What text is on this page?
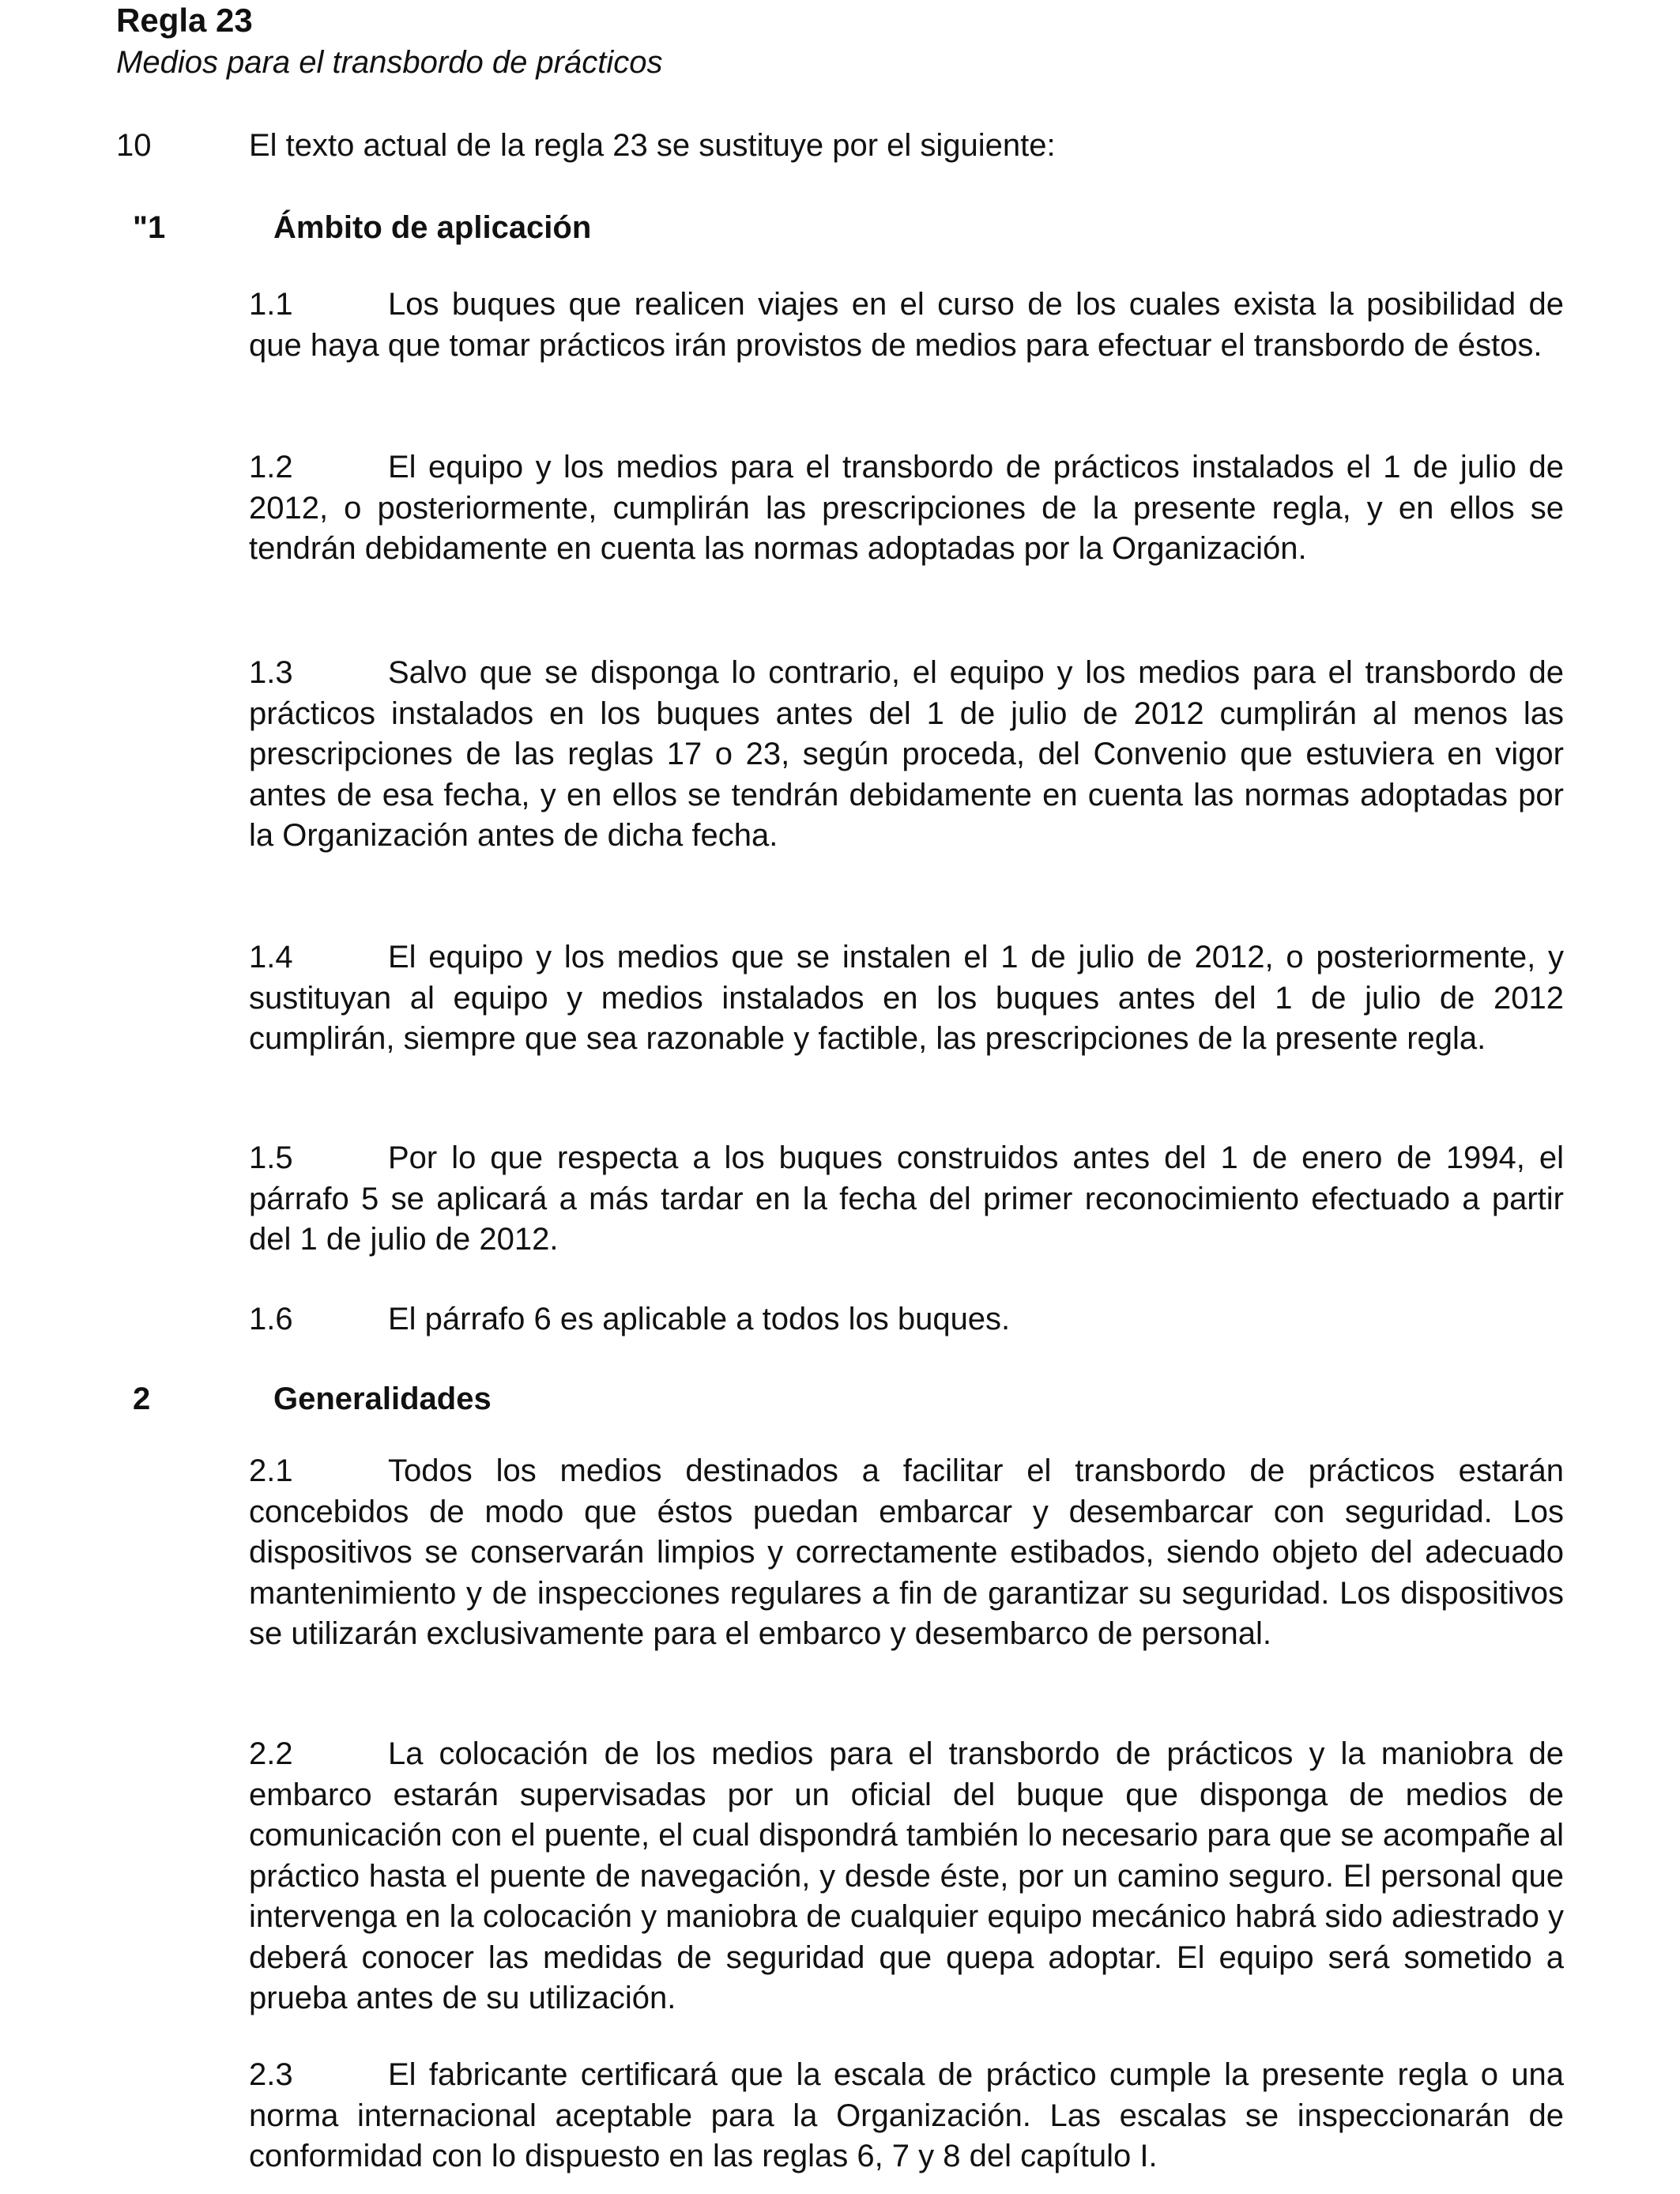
Regla 23

Medios para el transbordo de prácticos

10	El texto actual de la regla 23 se sustituye por el siguiente:
"1	Ámbito de aplicación

1.1	Los buques que realicen viajes en el curso de los cuales exista la posibilidad de que haya que tomar prácticos irán provistos de medios para efectuar el transbordo de éstos.

1.2	El equipo y los medios para el transbordo de prácticos instalados el 1 de julio de 2012, o posteriormente, cumplirán las prescripciones de la presente regla, y en ellos se tendrán debidamente en cuenta las normas adoptadas por la Organización.

1.3	Salvo que se disponga lo contrario, el equipo y los medios para el transbordo de prácticos instalados en los buques antes del 1 de julio de 2012 cumplirán al menos las prescripciones de las reglas 17 o 23, según proceda, del Convenio que estuviera en vigor antes de esa fecha, y en ellos se tendrán debidamente en cuenta las normas adoptadas por la Organización antes de dicha fecha.

1.4	El equipo y los medios que se instalen el 1 de julio de 2012, o posteriormente, y sustituyan al equipo y medios instalados en los buques antes del 1 de julio de 2012 cumplirán, siempre que sea razonable y factible, las prescripciones de la presente regla.

1.5	Por lo que respecta a los buques construidos antes del 1 de enero de 1994, el párrafo 5 se aplicará a más tardar en la fecha del primer reconocimiento efectuado a partir del 1 de julio de 2012.

1.6	El párrafo 6 es aplicable a todos los buques.

2	Generalidades

2.1	Todos los medios destinados a facilitar el transbordo de prácticos estarán concebidos de modo que éstos puedan embarcar y desembarcar con seguridad. Los dispositivos se conservarán limpios y correctamente estibados, siendo objeto del adecuado mantenimiento y de inspecciones regulares a fin de garantizar su seguridad. Los dispositivos se utilizarán exclusivamente para el embarco y desembarco de personal.

2.2	La colocación de los medios para el transbordo de prácticos y la maniobra de embarco estarán supervisadas por un oficial del buque que disponga de medios de comunicación con el puente, el cual dispondrá también lo necesario para que se acompañe al práctico hasta el puente de navegación, y desde éste, por un camino seguro. El personal que intervenga en la colocación y maniobra de cualquier equipo mecánico habrá sido adiestrado y deberá conocer las medidas de seguridad que quepa adoptar. El equipo será sometido a prueba antes de su utilización.

2.3	El fabricante certificará que la escala de práctico cumple la presente regla o una norma internacional aceptable para la Organización. Las escalas se inspeccionarán de conformidad con lo dispuesto en las reglas 6, 7 y 8 del capítulo I.
